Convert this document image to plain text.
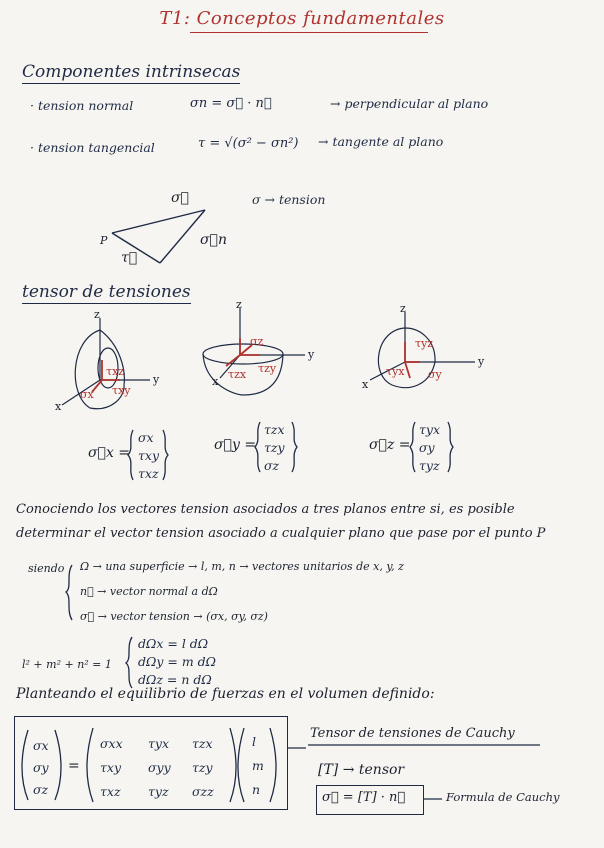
T1: Conceptos fundamentales
Componentes intrinsecas
· tension normal	σn = σ⃗ · n⃗	→ perpendicular al plano
· tension tangencial	τ = √(σ² − σn²) → tangente al plano
σ⃗	σ → tension
σ⃗n
τ⃗
P
tensor de tensiones
z
y
x
z
y
x
z
y
x
τxz
τxy
σx
σz
τzx τzy
τyz
τyx σy
σ⃗x =
σx
τxy
τxz
σ⃗y =
τzx
τzy
σz
σ⃗z =
τyx
σy
τyz
Conociendo los vectores tension asociados a tres planos entre si, es posible
determinar el vector tension asociado a cualquier plano que pase por el punto P
siendo Ω → una superficie → l, m, n → vectores unitarios de x, y, z
n⃗ → vector normal a dΩ
σ⃗ → vector tension → (σx, σy, σz)
l² + m² + n² = 1
dΩx = l dΩ
dΩy = m dΩ
dΩz = n dΩ
Planteando el equilibrio de fuerzas en el volumen definido:
σx
σy
σz
=
σxx τyx τzx
τxy σyy τzy
τxz τyz σzz
l
m
n
Tensor de tensiones de Cauchy
[T] → tensor
σ⃗ = [T] · n⃗	Formula de Cauchy
